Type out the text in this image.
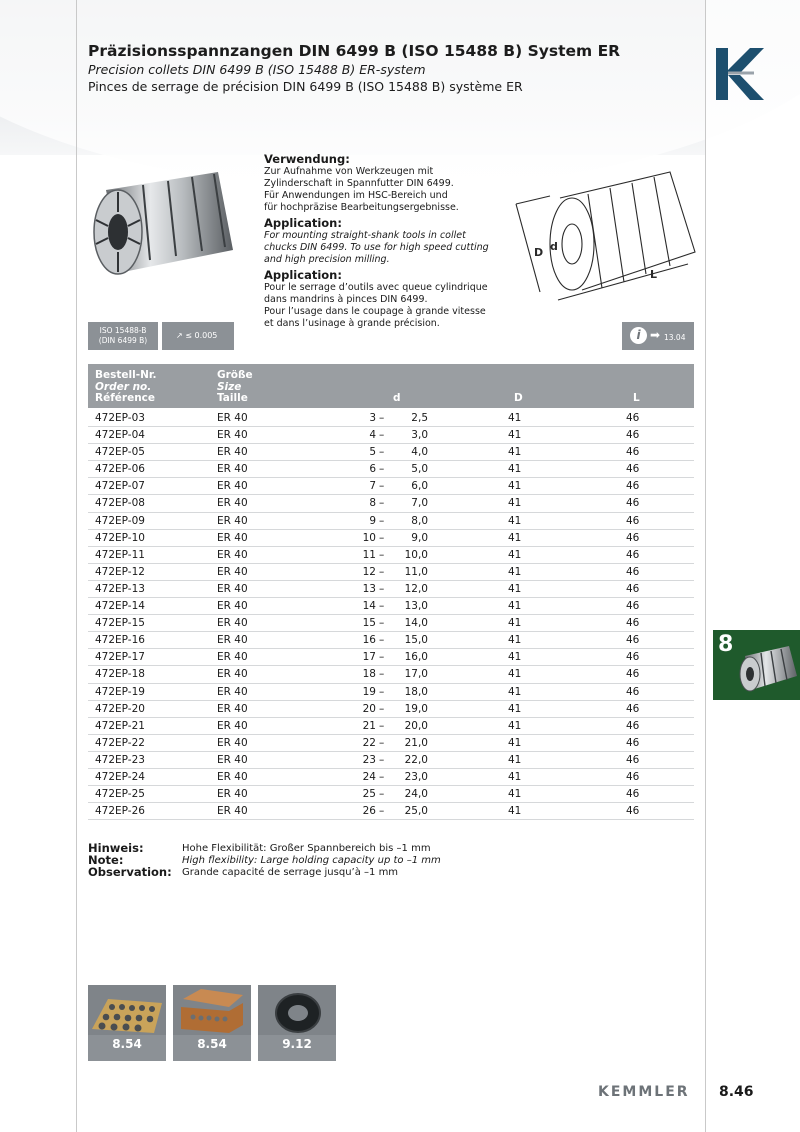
Präzisionsspannzangen DIN 6499 B (ISO 15488 B) System ER
Precision collets DIN 6499 B (ISO 15488 B) ER-system
Pinces de serrage de précision DIN 6499 B (ISO 15488 B) système ER
Verwendung:
Zur Aufnahme von Werkzeugen mit
Zylinderschaft in Spannfutter DIN 6499.
Für Anwendungen im HSC-Bereich und
für hochpräzise Bearbeitungsergebnisse.
Application:
For mounting straight-shank tools in collet
chucks DIN 6499. To use for high speed cutting
and high precision milling.
Application:
Pour le serrage d’outils avec queue cylindrique
dans mandrins à pinces DIN 6499.
Pour l’usage dans le coupage à grande vitesse
et dans l’usinage à grande précision.
D d
L
ISO 15488-B
(DIN 6499 B)
↗ ≤ 0.005	i ➡ 13.04
Bestell-Nr.
Order no.
Référence
Größe
Size
Taille	d	D	L
472EP-03	ER 40	3 –	2,5	41	46
472EP-04	ER 40	4 –	3,0	41	46
472EP-05	ER 40	5 –	4,0	41	46
472EP-06	ER 40	6 –	5,0	41	46
472EP-07	ER 40	7 –	6,0	41	46
472EP-08	ER 40	8 –	7,0	41	46
472EP-09	ER 40	9 –	8,0	41	46
472EP-10	ER 40	10 –	9,0	41	46
472EP-11	ER 40	11 –	10,0	41	46
472EP-12	ER 40	12 –	11,0	41	46
472EP-13	ER 40	13 –	12,0	41	46
472EP-14	ER 40	14 –	13,0	41	46
472EP-15	ER 40	15 –	14,0	41	46
472EP-16	ER 40	16 –	15,0	41	46
472EP-17	ER 40	17 –	16,0	41	46
472EP-18	ER 40	18 –	17,0	41	46
472EP-19	ER 40	19 –	18,0	41	46
472EP-20	ER 40	20 –	19,0	41	46
472EP-21	ER 40	21 –	20,0	41	46
472EP-22	ER 40	22 –	21,0	41	46
472EP-23	ER 40	23 –	22,0	41	46
472EP-24	ER 40	24 –	23,0	41	46
472EP-25	ER 40	25 –	24,0	41	46
472EP-26	ER 40	26 –	25,0	41	46
Hinweis:	Hohe Flexibilität: Großer Spannbereich bis –1 mm
Note:	High flexibility: Large holding capacity up to –1 mm
Observation:	Grande capacité de serrage jusqu’à –1 mm
8.54	8.54	9.12
8
KEMMLER 8.46
